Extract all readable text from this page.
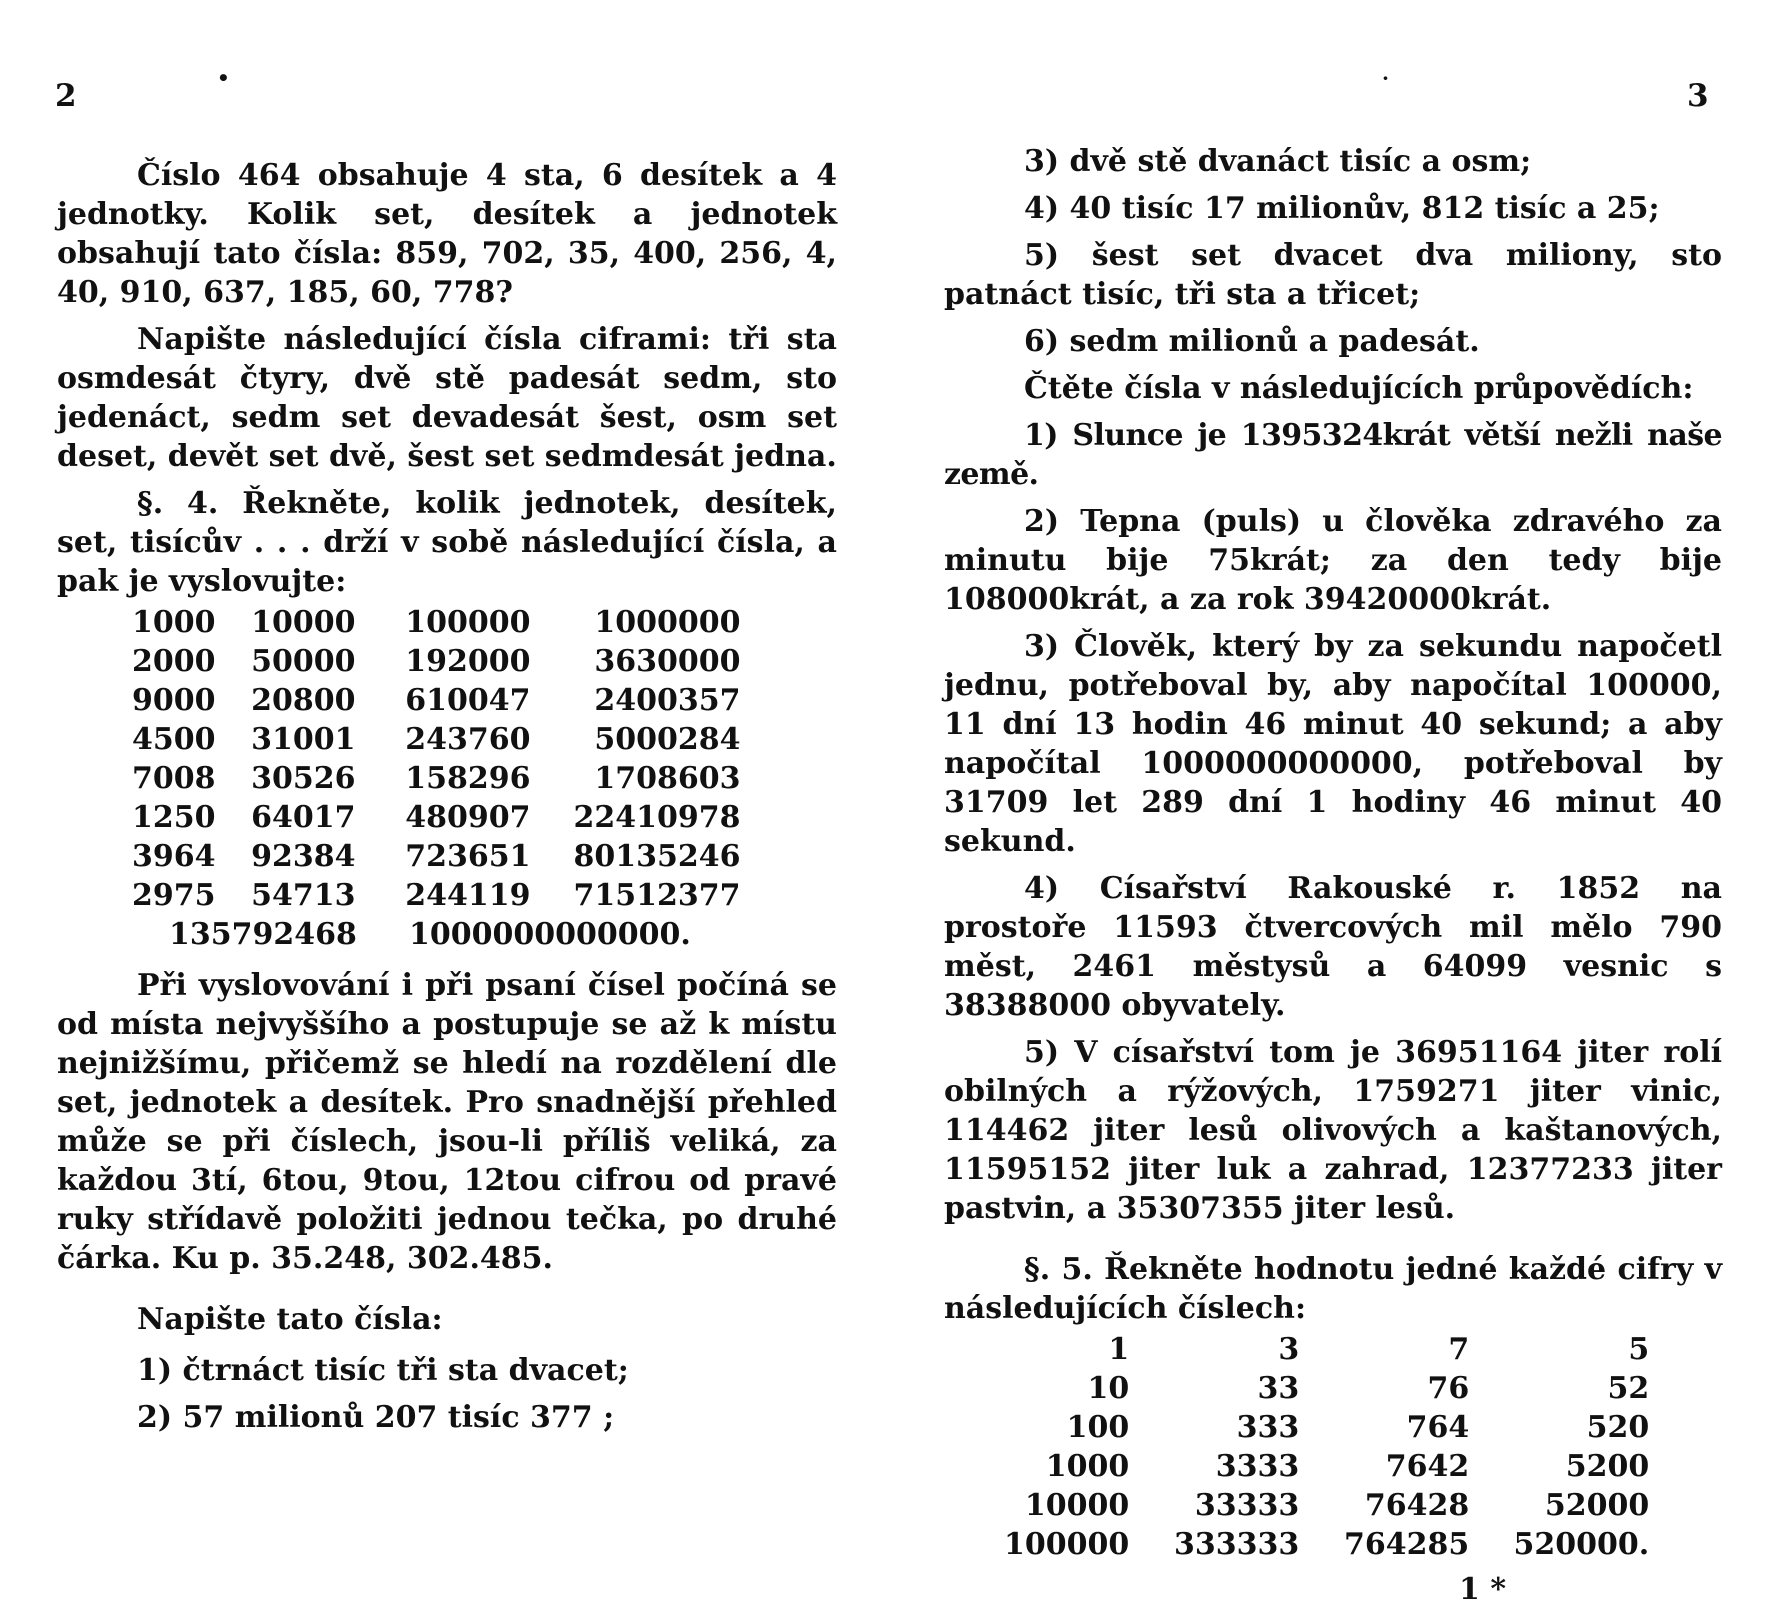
2	•

Číslo 464 obsahuje 4 sta, 6 desítek a 4 jednotky. Kolik set, desítek a jednotek obsahují tato čísla: 859, 702, 35, 400, 256, 4, 40, 910, 637, 185, 60, 778?

Napište následující čísla ciframi: tři sta osmdesát čtyry, dvě stě padesát sedm, sto jedenáct, sedm set devadesát šest, osm set deset, devět set dvě, šest set sedmdesát jedna.

§. 4. Řekněte, kolik jednotek, desítek, set, tisícův . . . drží v sobě následující čísla, a pak je vyslovujte:

1000	10000	100000	1000000
2000	50000	192000	3630000
9000	20800	610047	2400357
4500	31001	243760	5000284
7008	30526	158296	1708603
1250	64017	480907	22410978
3964	92384	723651	80135246
2975	54713	244119	71512377
135792468 1000000000000.

Při vyslovování i při psaní čísel počíná se od místa nejvyššího a postupuje se až k místu nejnižšímu, přičemž se hledí na rozdělení dle set, jednotek a desítek. Pro snadnější přehled může se při číslech, jsou-li příliš veliká, za každou 3tí, 6tou, 9tou, 12tou cifrou od pravé ruky střídavě položiti jednou tečka, po druhé čárka. Ku p. 35.248, 302.485.

Napište tato čísla:
1) čtrnáct tisíc tři sta dvacet;
2) 57 milionů 207 tisíc 377 ;
3
·
3) dvě stě dvanáct tisíc a osm;
4) 40 tisíc 17 milionův, 812 tisíc a 25;

5) šest set dvacet dva miliony, sto patnáct tisíc, tři sta a třicet;

6) sedm milionů a padesát.
Čtěte čísla v následujících průpovědích:

1) Slunce je 1395324krát větší nežli naše země.

2) Tepna (puls) u člověka zdravého za minutu bije 75krát; za den tedy bije 108000krát, a za rok 39420000krát.

3) Člověk, který by za sekundu napočetl jednu, potřeboval by, aby napočítal 100000, 11 dní 13 hodin 46 minut 40 sekund; a aby napočítal 1000000000000, potřeboval by 31709 let 289 dní 1 hodiny 46 minut 40 sekund.

4) Císařství Rakouské r. 1852 na prostoře 11593 čtvercových mil mělo 790 měst, 2461 městysů a 64099 vesnic s 38388000 obyvately.

5) V císařství tom je 36951164 jiter rolí obilných a rýžových, 1759271 jiter vinic, 114462 jiter lesů olivových a kaštanových, 11595152 jiter luk a zahrad, 12377233 jiter pastvin, a 35307355 jiter lesů.

§. 5. Řekněte hodnotu jedné každé cifry v následujících číslech:

1	3	7	5
10	33	76	52
100	333	764	520
1000	3333	7642	5200
10000	33333	76428	52000
100000	333333	764285	520000.
1 *
